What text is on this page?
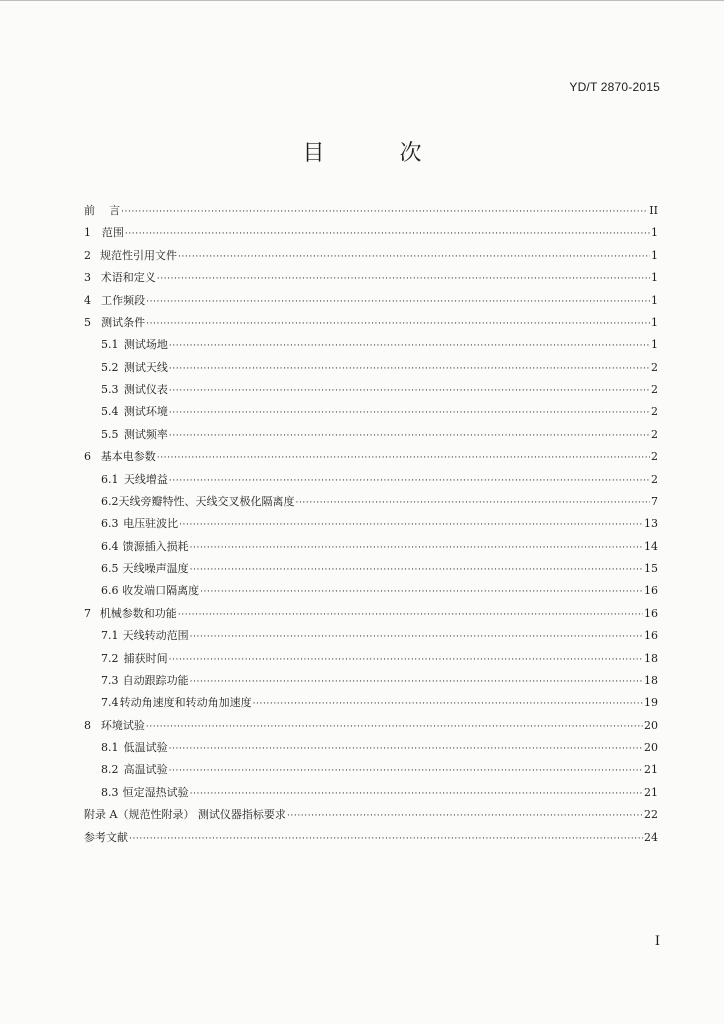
YD/T 2870-2015
目 次
前	言 ·····	II
1 范围 ·····	1
2 规范性引用文件 ·····	1
3 术语和定义 ·····	1
4 工作频段 ·····	1
5 测试条件 ·····	1
5.1 测试场地 ·····	1
5.2 测试天线 ·····	2
5.3 测试仪表 ·····	2
5.4 测试环境 ·····	2
5.5 测试频率 ·····	2
6 基本电参数 ·····	2
6.1 天线增益 ·····	2
6.2 天线旁瓣特性、天线交叉极化隔离度 ·····	7
6.3 电压驻波比 ·····	13
6.4 馈源插入损耗 ·····	14
6.5 天线噪声温度 ·····	15
6.6 收发端口隔离度 ·····	16
7 机械参数和功能 ·····	16
7.1 天线转动范围 ·····	16
7.2 捕获时间 ·····	18
7.3 自动跟踪功能 ·····	18
7.4 转动角速度和转动角加速度 ·····	19
8 环境试验 ·····	20
8.1 低温试验 ·····	20
8.2 高温试验 ·····	21
8.3 恒定湿热试验 ·····	21
附录 A（规范性附录） 测试仪器指标要求 ·····	22
参考文献 ·····	24
I
